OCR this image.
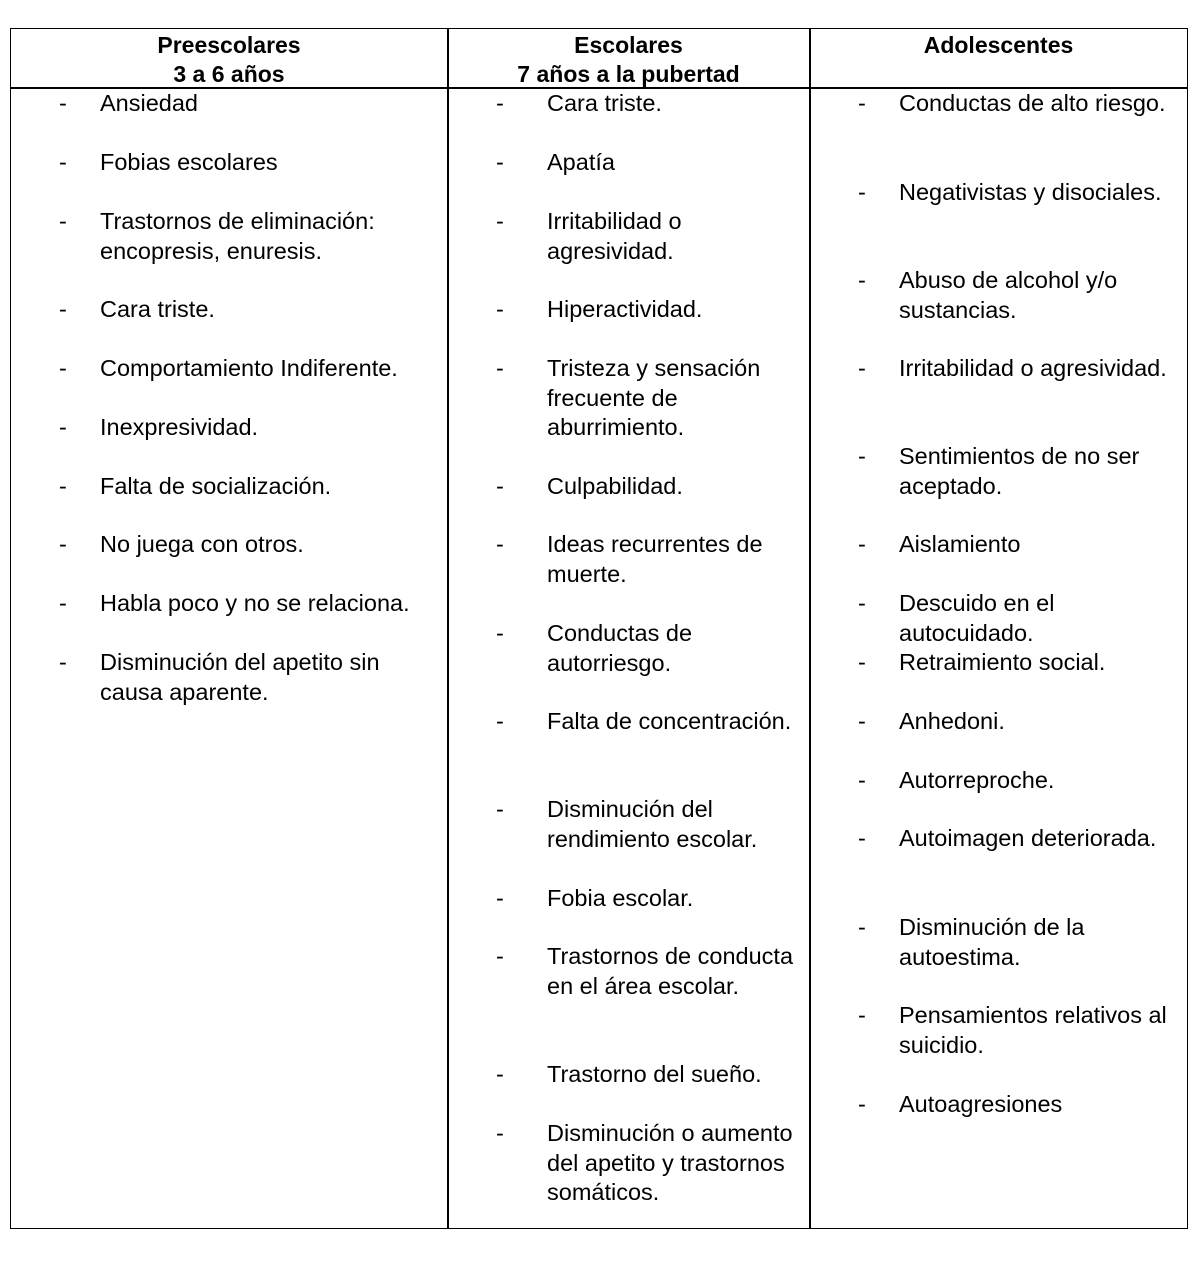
Preescolares
3 a 6 años
Escolares
7 años a la pubertad
Adolescentes
- Ansiedad
- Fobias escolares
- Trastornos de eliminación: encopresis, enuresis.
- Cara triste.
- Comportamiento Indiferente.
- Inexpresividad.
- Falta de socialización.
- No juega con otros.
- Habla poco y no se relaciona.
- Disminución del apetito sin causa aparente.
- Cara triste.
- Apatía
- Irritabilidad o agresividad.
- Hiperactividad.
- Tristeza y sensación frecuente de aburrimiento.
- Culpabilidad.
- Ideas recurrentes de muerte.
- Conductas de autorriesgo.
- Falta de concentración.
- Disminución del rendimiento escolar.
- Fobia escolar.
- Trastornos de conducta en el área escolar.
- Trastorno del sueño.
- Disminución o aumento del apetito y trastornos somáticos.
- Conductas de alto riesgo.
- Negativistas y disociales.
- Abuso de alcohol y/o sustancias.
- Irritabilidad o agresividad.
- Sentimientos de no ser aceptado.
- Aislamiento
- Descuido en el autocuidado.
- Retraimiento social.
- Anhedoni.
- Autorreproche.
- Autoimagen deteriorada.
- Disminución de la autoestima.
- Pensamientos relativos al suicidio.
- Autoagresiones
